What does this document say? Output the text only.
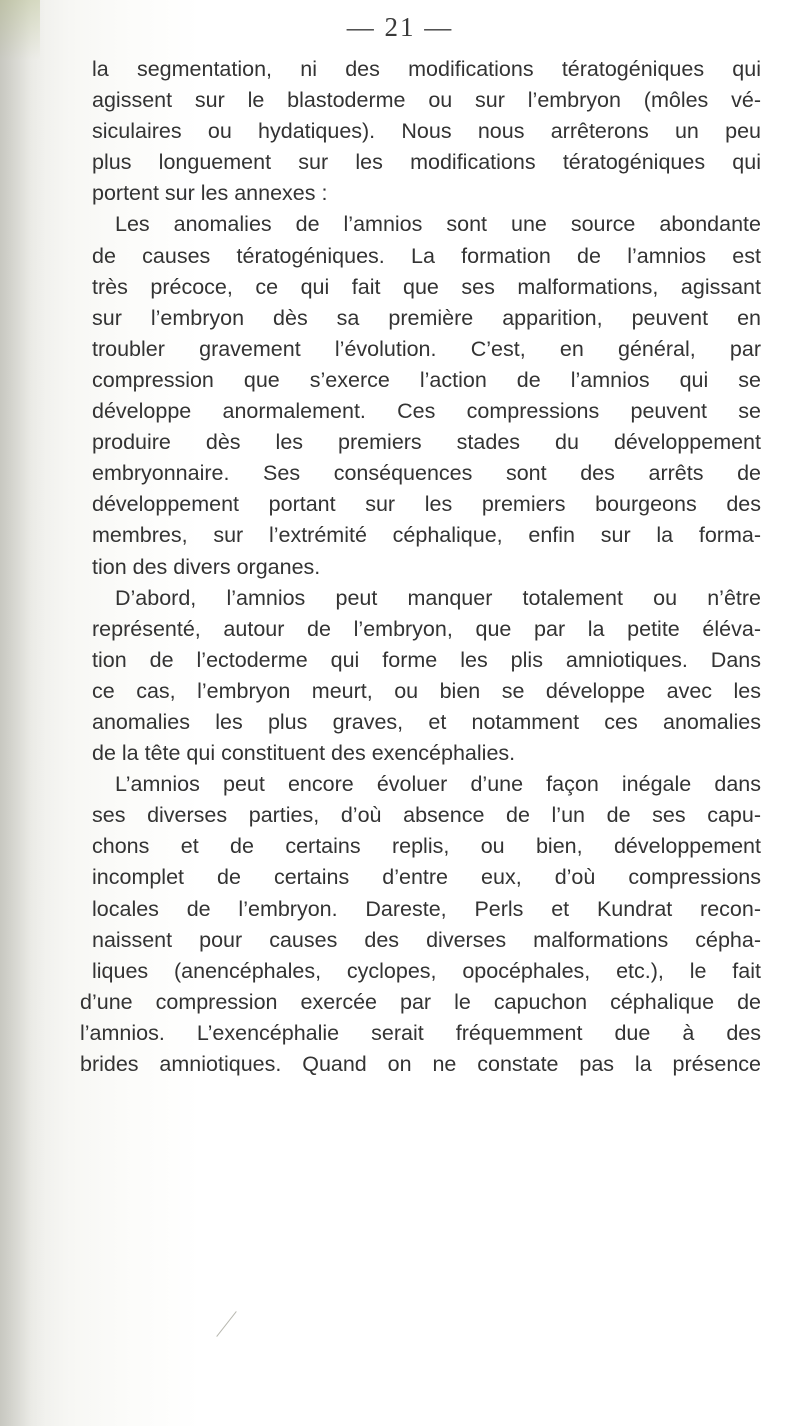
— 21 —
la segmentation, ni des modifications tératogéniques qui
agissent sur le blastoderme ou sur l’embryon (môles vé-
siculaires ou hydatiques). Nous nous arrêterons un peu
plus longuement sur les modifications tératogéniques qui
portent sur les annexes :
Les anomalies de l’amnios sont une source abondante
de causes tératogéniques. La formation de l’amnios est
très précoce, ce qui fait que ses malformations, agissant
sur l’embryon dès sa première apparition, peuvent en
troubler gravement l’évolution. C’est, en général, par
compression que s’exerce l’action de l’amnios qui se
développe anormalement. Ces compressions peuvent se
produire dès les premiers stades du développement
embryonnaire. Ses conséquences sont des arrêts de
développement portant sur les premiers bourgeons des
membres, sur l’extrémité céphalique, enfin sur la forma-
tion des divers organes.
D’abord, l’amnios peut manquer totalement ou n’être
représenté, autour de l’embryon, que par la petite éléva-
tion de l’ectoderme qui forme les plis amniotiques. Dans
ce cas, l’embryon meurt, ou bien se développe avec les
anomalies les plus graves, et notamment ces anomalies
de la tête qui constituent des exencéphalies.
L’amnios peut encore évoluer d’une façon inégale dans
ses diverses parties, d’où absence de l’un de ses capu-
chons et de certains replis, ou bien, développement
incomplet de certains d’entre eux, d’où compressions
locales de l’embryon. Dareste, Perls et Kundrat recon-
naissent pour causes des diverses malformations cépha-
liques (anencéphales, cyclopes, opocéphales, etc.), le fait
d’une compression exercée par le capuchon céphalique de
l’amnios. L’exencéphalie serait fréquemment due à des
brides amniotiques. Quand on ne constate pas la présence
